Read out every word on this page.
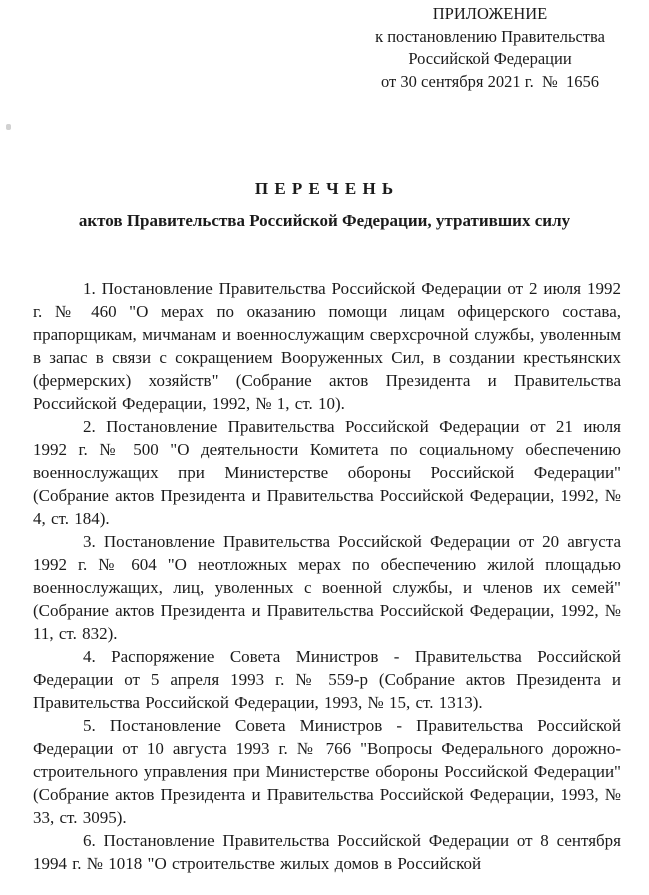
ПРИЛОЖЕНИЕ
к постановлению Правительства
Российской Федерации
от 30 сентября 2021 г.  №  1656
П Е Р Е Ч Е Н Ь
актов Правительства Российской Федерации, утративших силу

1. Постановление Правительства Российской Федерации от 2 июля 1992 г. № 460 "О мерах по оказанию помощи лицам офицерского состава, прапорщикам, мичманам и военнослужащим сверхсрочной службы, уволенным в запас в связи с сокращением Вооруженных Сил, в создании крестьянских (фермерских) хозяйств" (Собрание актов Президента и Правительства Российской Федерации, 1992, № 1, ст. 10).

2. Постановление Правительства Российской Федерации от 21 июля 1992 г. № 500 "О деятельности Комитета по социальному обеспечению военнослужащих при Министерстве обороны Российской Федерации" (Собрание актов Президента и Правительства Российской Федерации, 1992, № 4, ст. 184).

3. Постановление Правительства Российской Федерации от 20 августа 1992 г. № 604 "О неотложных мерах по обеспечению жилой площадью военнослужащих, лиц, уволенных с военной службы, и членов их семей" (Собрание актов Президента и Правительства Российской Федерации, 1992, № 11, ст. 832).

4. Распоряжение Совета Министров - Правительства Российской Федерации от 5 апреля 1993 г. № 559-р (Собрание актов Президента и Правительства Российской Федерации, 1993, № 15, ст. 1313).

5. Постановление Совета Министров - Правительства Российской Федерации от 10 августа 1993 г. № 766 "Вопросы Федерального дорожно-строительного управления при Министерстве обороны Российской Федерации" (Собрание актов Президента и Правительства Российской Федерации, 1993, № 33, ст. 3095).

6. Постановление Правительства Российской Федерации от 8 сентября 1994 г. № 1018 "О строительстве жилых домов в Российской
